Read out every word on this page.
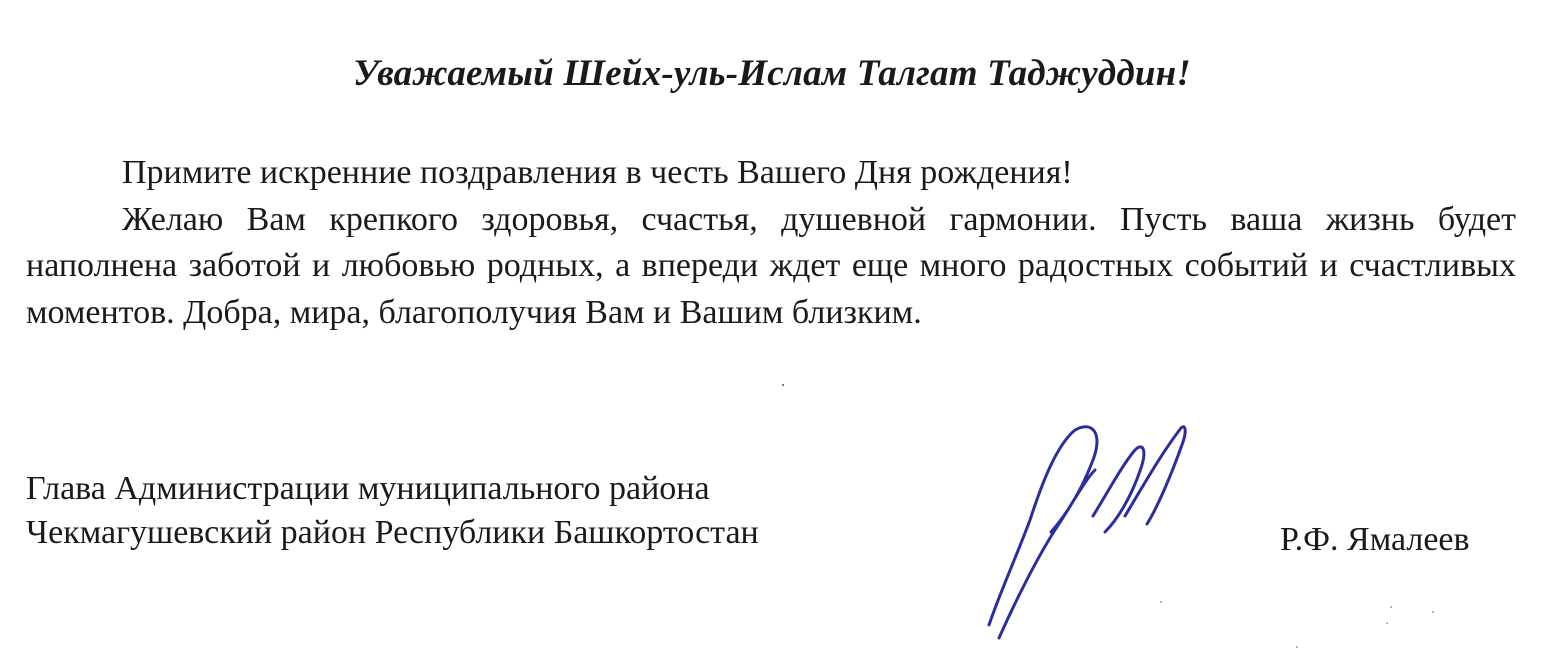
Уважаемый Шейх-уль-Ислам Талгат Таджуддин!

Примите искренние поздравления в честь Вашего Дня рождения!

Желаю Вам крепкого здоровья, счастья, душевной гармонии. Пусть ваша жизнь будет наполнена заботой и любовью родных, а впереди ждет еще много радостных событий и счастливых моментов. Добра, мира, благополучия Вам и Вашим близким.

Глава Администрации муниципального района
Чекмагушевский район Республики Башкортостан	Р.Ф. Ямалеев
